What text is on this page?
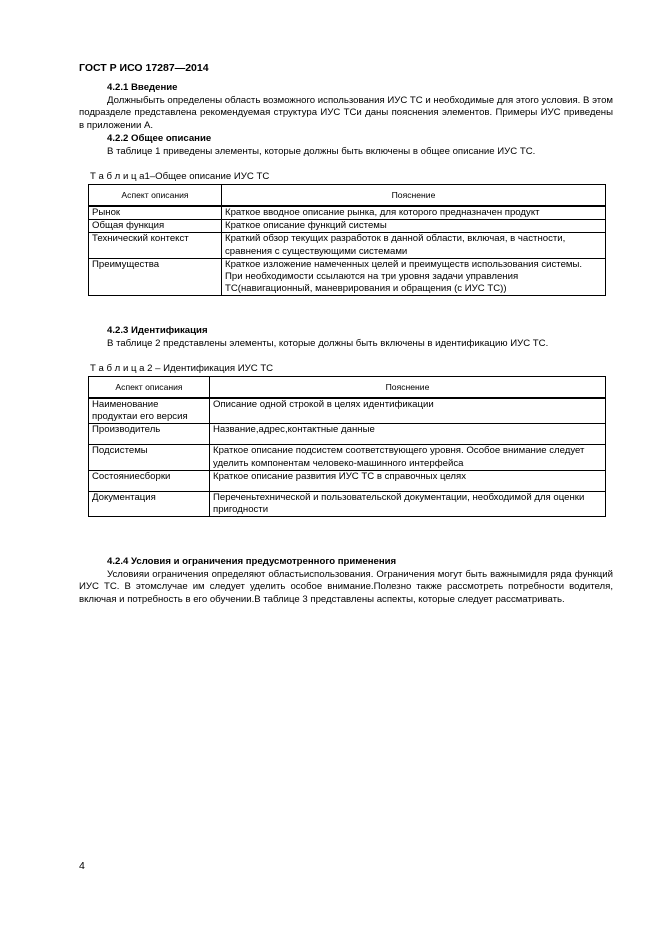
ГОСТ Р ИСО 17287—2014
4.2.1 Введение
Должныбыть определены область возможного использования ИУС ТС и необходимые для этого условия. В этом подразделе представлена рекомендуемая структура ИУС ТСи даны пояснения элементов. Примеры ИУС приведены в приложении А.
4.2.2 Общее описание
В таблице 1 приведены элементы, которые должны быть включены в общее описание ИУС ТС.
Т а б л и ц а1–Общее описание ИУС ТС
Аспект описания	Пояснение
Рынок	Краткое вводное описание рынка, для которого предназначен продукт
Общая функция	Краткое описание функций системы
Технический контекст	Краткий обзор текущих разработок в данной области, включая, в частности, сравнения с существующими системами
Преимущества	Краткое изложение намеченных целей и преимуществ использования системы. При необходимости ссылаются на три уровня задачи управления ТС(навигационный, маневрирования и обращения (с ИУС ТС))
4.2.3 Идентификация
В таблице 2 представлены элементы, которые должны быть включены в идентификацию ИУС ТС.
Т а б л и ц а 2 – Идентификация ИУС ТС
Аспект описания	Пояснение
Наименование продуктаи его версия	Описание одной строкой в целях идентификации
Производитель	Название,адрес,контактные данные
Подсистемы	Краткое описание подсистем соответствующего уровня. Особое внимание следует уделить компонентам человеко-машинного интерфейса
Состояниесборки	Краткое описание развития ИУС ТС в справочных целях
Документация	Переченьтехнической и пользовательской документации, необходимой для оценки пригодности
4.2.4 Условия и ограничения предусмотренного применения
Условияи ограничения определяют областьиспользования. Ограничения могут быть важнымидля ряда функций ИУС ТС. В этомслучае им следует уделить особое внимание.Полезно также рассмотреть потребности водителя, включая и потребность в его обучении.В таблице 3 представлены аспекты, которые следует рассматривать.
4
